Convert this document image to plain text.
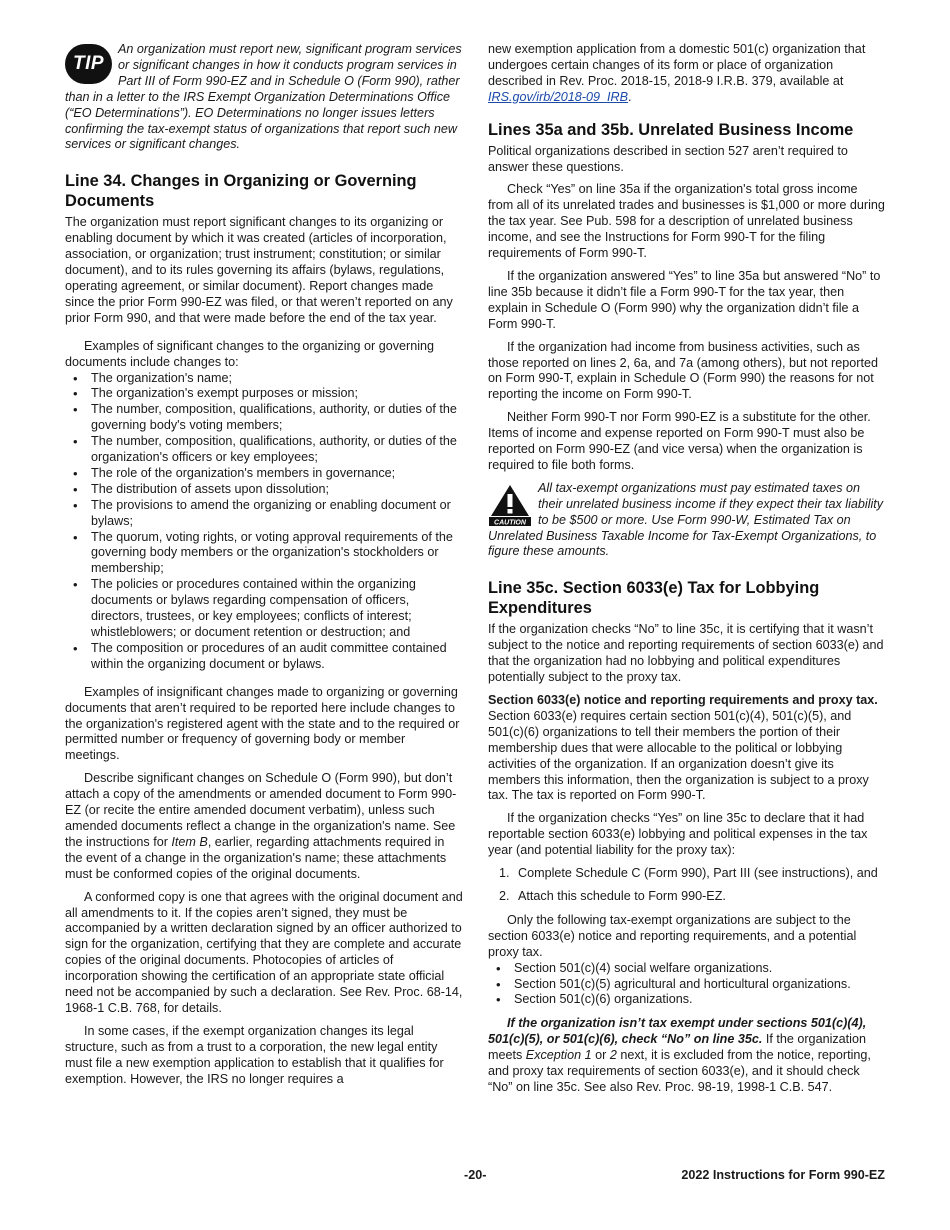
TIP
An organization must report new, significant program services or significant changes in how it conducts program services in Part III of Form 990-EZ and in Schedule O (Form 990), rather than in a letter to the IRS Exempt Organization Determinations Office (“EO Determinations”). EO Determinations no longer issues letters confirming the tax-exempt status of organizations that report such new services or significant changes.
Line 34. Changes in Organizing or Governing Documents

The organization must report significant changes to its organizing or enabling document by which it was created (articles of incorporation, association, or organization; trust instrument; constitution; or similar document), and to its rules governing its affairs (bylaws, regulations, operating agreement, or similar document). Report changes made since the prior Form 990-EZ was filed, or that weren’t reported on any prior Form 990, and that were made before the end of the tax year.

Examples of significant changes to the organizing or governing documents include changes to:

• The organization's name;
• The organization's exempt purposes or mission;
• The number, composition, qualifications, authority, or duties of the governing body's voting members;
• The number, composition, qualifications, authority, or duties of the organization's officers or key employees;
• The role of the organization's members in governance;
• The distribution of assets upon dissolution;
• The provisions to amend the organizing or enabling document or bylaws;
• The quorum, voting rights, or voting approval requirements of the governing body members or the organization's stockholders or membership;
• The policies or procedures contained within the organizing documents or bylaws regarding compensation of officers, directors, trustees, or key employees; conflicts of interest; whistleblowers; or document retention or destruction; and
• The composition or procedures of an audit committee contained within the organizing document or bylaws.

Examples of insignificant changes made to organizing or governing documents that aren’t required to be reported here include changes to the organization's registered agent with the state and to the required or permitted number or frequency of governing body or member meetings.

Describe significant changes on Schedule O (Form 990), but don’t attach a copy of the amendments or amended document to Form 990-EZ (or recite the entire amended document verbatim), unless such amended documents reflect a change in the organization's name. See the instructions for Item B, earlier, regarding attachments required in the event of a change in the organization's name; these attachments must be conformed copies of the original documents.

A conformed copy is one that agrees with the original document and all amendments to it. If the copies aren’t signed, they must be accompanied by a written declaration signed by an officer authorized to sign for the organization, certifying that they are complete and accurate copies of the original documents. Photocopies of articles of incorporation showing the certification of an appropriate state official need not be accompanied by such a declaration. See Rev. Proc. 68-14, 1968-1 C.B. 768, for details.

In some cases, if the exempt organization changes its legal structure, such as from a trust to a corporation, the new legal entity must file a new exemption application to establish that it qualifies for exemption. However, the IRS no longer requires a

new exemption application from a domestic 501(c) organization that undergoes certain changes of its form or place of organization described in Rev. Proc. 2018-15, 2018-9 I.R.B. 379, available at IRS.gov/irb/2018-09_IRB.

Lines 35a and 35b. Unrelated Business Income

Political organizations described in section 527 aren’t required to answer these questions.

Check “Yes” on line 35a if the organization's total gross income from all of its unrelated trades and businesses is $1,000 or more during the tax year. See Pub. 598 for a description of unrelated business income, and see the Instructions for Form 990-T for the filing requirements of Form 990-T.

If the organization answered “Yes” to line 35a but answered “No” to line 35b because it didn’t file a Form 990-T for the tax year, then explain in Schedule O (Form 990) why the organization didn’t file a Form 990-T.

If the organization had income from business activities, such as those reported on lines 2, 6a, and 7a (among others), but not reported on Form 990-T, explain in Schedule O (Form 990) the reasons for not reporting the income on Form 990-T.

Neither Form 990-T nor Form 990-EZ is a substitute for the other. Items of income and expense reported on Form 990-T must also be reported on Form 990-EZ (and vice versa) when the organization is required to file both forms.

CAUTION
All tax-exempt organizations must pay estimated taxes on their unrelated business income if they expect their tax liability to be $500 or more. Use Form 990-W, Estimated Tax on Unrelated Business Taxable Income for Tax-Exempt Organizations, to figure these amounts.
Line 35c. Section 6033(e) Tax for Lobbying Expenditures

If the organization checks “No” to line 35c, it is certifying that it wasn’t subject to the notice and reporting requirements of section 6033(e) and that the organization had no lobbying and political expenditures potentially subject to the proxy tax.

Section 6033(e) notice and reporting requirements and proxy tax. Section 6033(e) requires certain section 501(c)(4), 501(c)(5), and 501(c)(6) organizations to tell their members the portion of their membership dues that were allocable to the political or lobbying activities of the organization. If an organization doesn’t give its members this information, then the organization is subject to a proxy tax. The tax is reported on Form 990-T.

If the organization checks “Yes” on line 35c to declare that it had reportable section 6033(e) lobbying and political expenses in the tax year (and potential liability for the proxy tax):

1. Complete Schedule C (Form 990), Part III (see instructions), and
2. Attach this schedule to Form 990-EZ.

Only the following tax-exempt organizations are subject to the section 6033(e) notice and reporting requirements, and a potential proxy tax.

• Section 501(c)(4) social welfare organizations.
• Section 501(c)(5) agricultural and horticultural organizations.
• Section 501(c)(6) organizations.

If the organization isn’t tax exempt under sections 501(c)(4), 501(c)(5), or 501(c)(6), check “No” on line 35c. If the organization meets Exception 1 or 2 next, it is excluded from the notice, reporting, and proxy tax requirements of section 6033(e), and it should check “No” on line 35c. See also Rev. Proc. 98-19, 1998-1 C.B. 547.

-20-	2022 Instructions for Form 990-EZ
